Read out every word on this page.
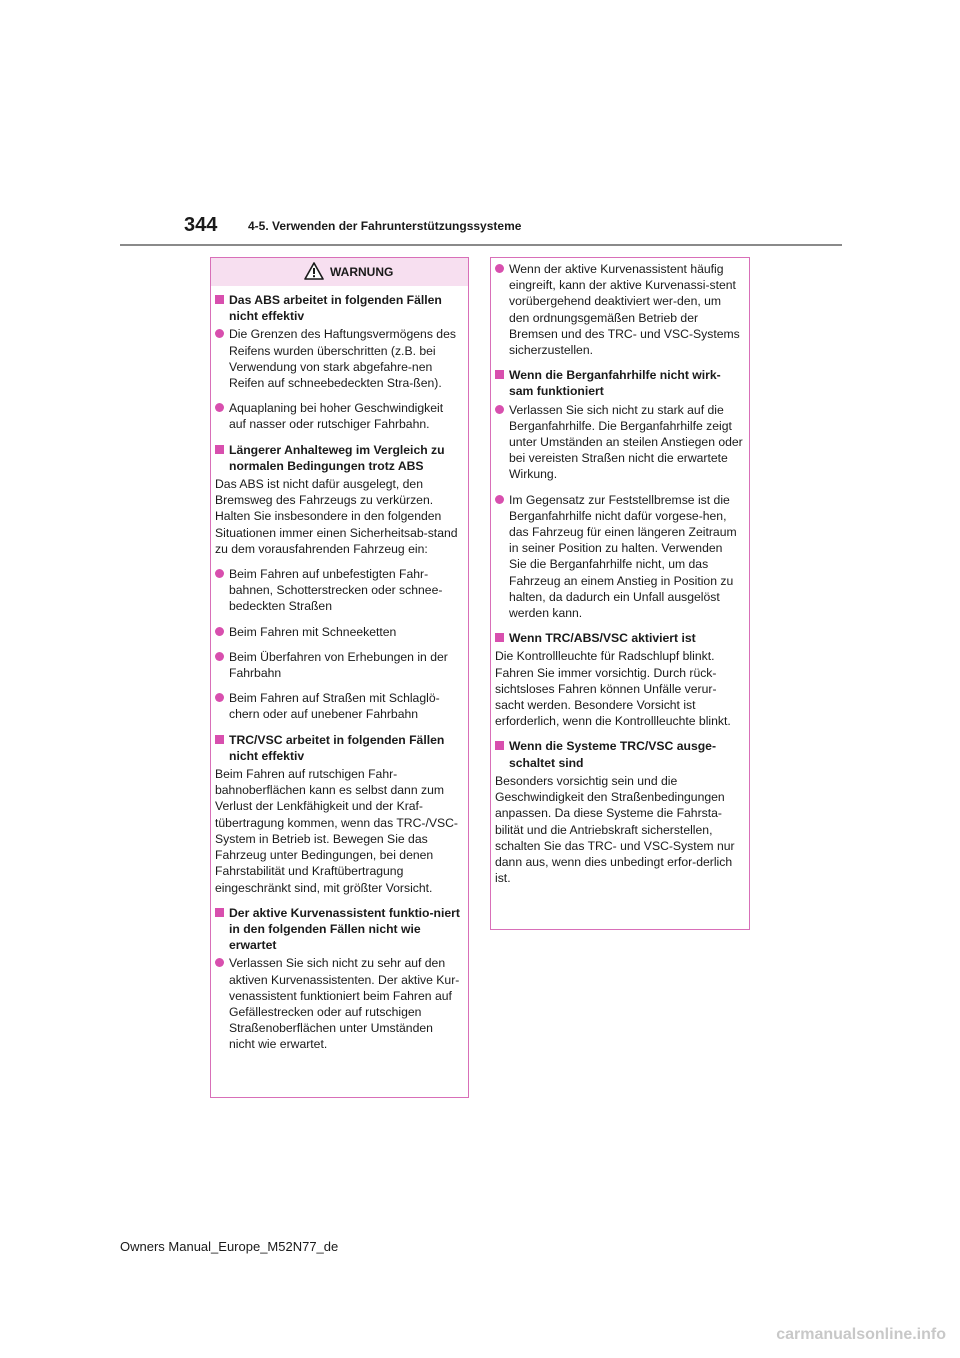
344	4-5. Verwenden der Fahrunterstützungssysteme
WARNUNG
Das ABS arbeitet in folgenden Fällen nicht effektiv
Die Grenzen des Haftungsvermögens des Reifens wurden überschritten (z.B. bei Verwendung von stark abgefahre-nen Reifen auf schneebedeckten Stra-ßen).
Aquaplaning bei hoher Geschwindigkeit auf nasser oder rutschiger Fahrbahn.
Längerer Anhalteweg im Vergleich zu normalen Bedingungen trotz ABS
Das ABS ist nicht dafür ausgelegt, den Bremsweg des Fahrzeugs zu verkürzen. Halten Sie insbesondere in den folgenden Situationen immer einen Sicherheitsab-stand zu dem vorausfahrenden Fahrzeug ein:
Beim Fahren auf unbefestigten Fahr-bahnen, Schotterstrecken oder schnee-bedeckten Straßen
Beim Fahren mit Schneeketten
Beim Überfahren von Erhebungen in der Fahrbahn
Beim Fahren auf Straßen mit Schlaglö-chern oder auf unebener Fahrbahn
TRC/VSC arbeitet in folgenden Fällen nicht effektiv
Beim Fahren auf rutschigen Fahr-bahnoberflächen kann es selbst dann zum Verlust der Lenkfähigkeit und der Kraf-tübertragung kommen, wenn das TRC-/VSC-System in Betrieb ist. Bewegen Sie das Fahrzeug unter Bedingungen, bei denen Fahrstabilität und Kraftübertragung eingeschränkt sind, mit größter Vorsicht.
Der aktive Kurvenassistent funktio-niert in den folgenden Fällen nicht wie erwartet
Verlassen Sie sich nicht zu sehr auf den aktiven Kurvenassistenten. Der aktive Kur-venassistent funktioniert beim Fahren auf Gefällestrecken oder auf rutschigen Straßenoberflächen unter Umständen nicht wie erwartet.
Wenn der aktive Kurvenassistent häufig eingreift, kann der aktive Kurvenassi-stent vorübergehend deaktiviert wer-den, um den ordnungsgemäßen Betrieb der Bremsen und des TRC- und VSC-Systems sicherzustellen.
Wenn die Berganfahrhilfe nicht wirk-sam funktioniert
Verlassen Sie sich nicht zu stark auf die Berganfahrhilfe. Die Berganfahrhilfe zeigt unter Umständen an steilen Anstiegen oder bei vereisten Straßen nicht die erwartete Wirkung.
Im Gegensatz zur Feststellbremse ist die Berganfahrhilfe nicht dafür vorgese-hen, das Fahrzeug für einen längeren Zeitraum in seiner Position zu halten. Verwenden Sie die Berganfahrhilfe nicht, um das Fahrzeug an einem Anstieg in Position zu halten, da dadurch ein Unfall ausgelöst werden kann.
Wenn TRC/ABS/VSC aktiviert ist
Die Kontrollleuchte für Radschlupf blinkt. Fahren Sie immer vorsichtig. Durch rück-sichtsloses Fahren können Unfälle verur-sacht werden. Besondere Vorsicht ist erforderlich, wenn die Kontrollleuchte blinkt.
Wenn die Systeme TRC/VSC ausge-schaltet sind
Besonders vorsichtig sein und die Geschwindigkeit den Straßenbedingungen anpassen. Da diese Systeme die Fahrsta-bilität und die Antriebskraft sicherstellen, schalten Sie das TRC- und VSC-System nur dann aus, wenn dies unbedingt erfor-derlich ist.
Owners Manual_Europe_M52N77_de
carmanualsonline.info
